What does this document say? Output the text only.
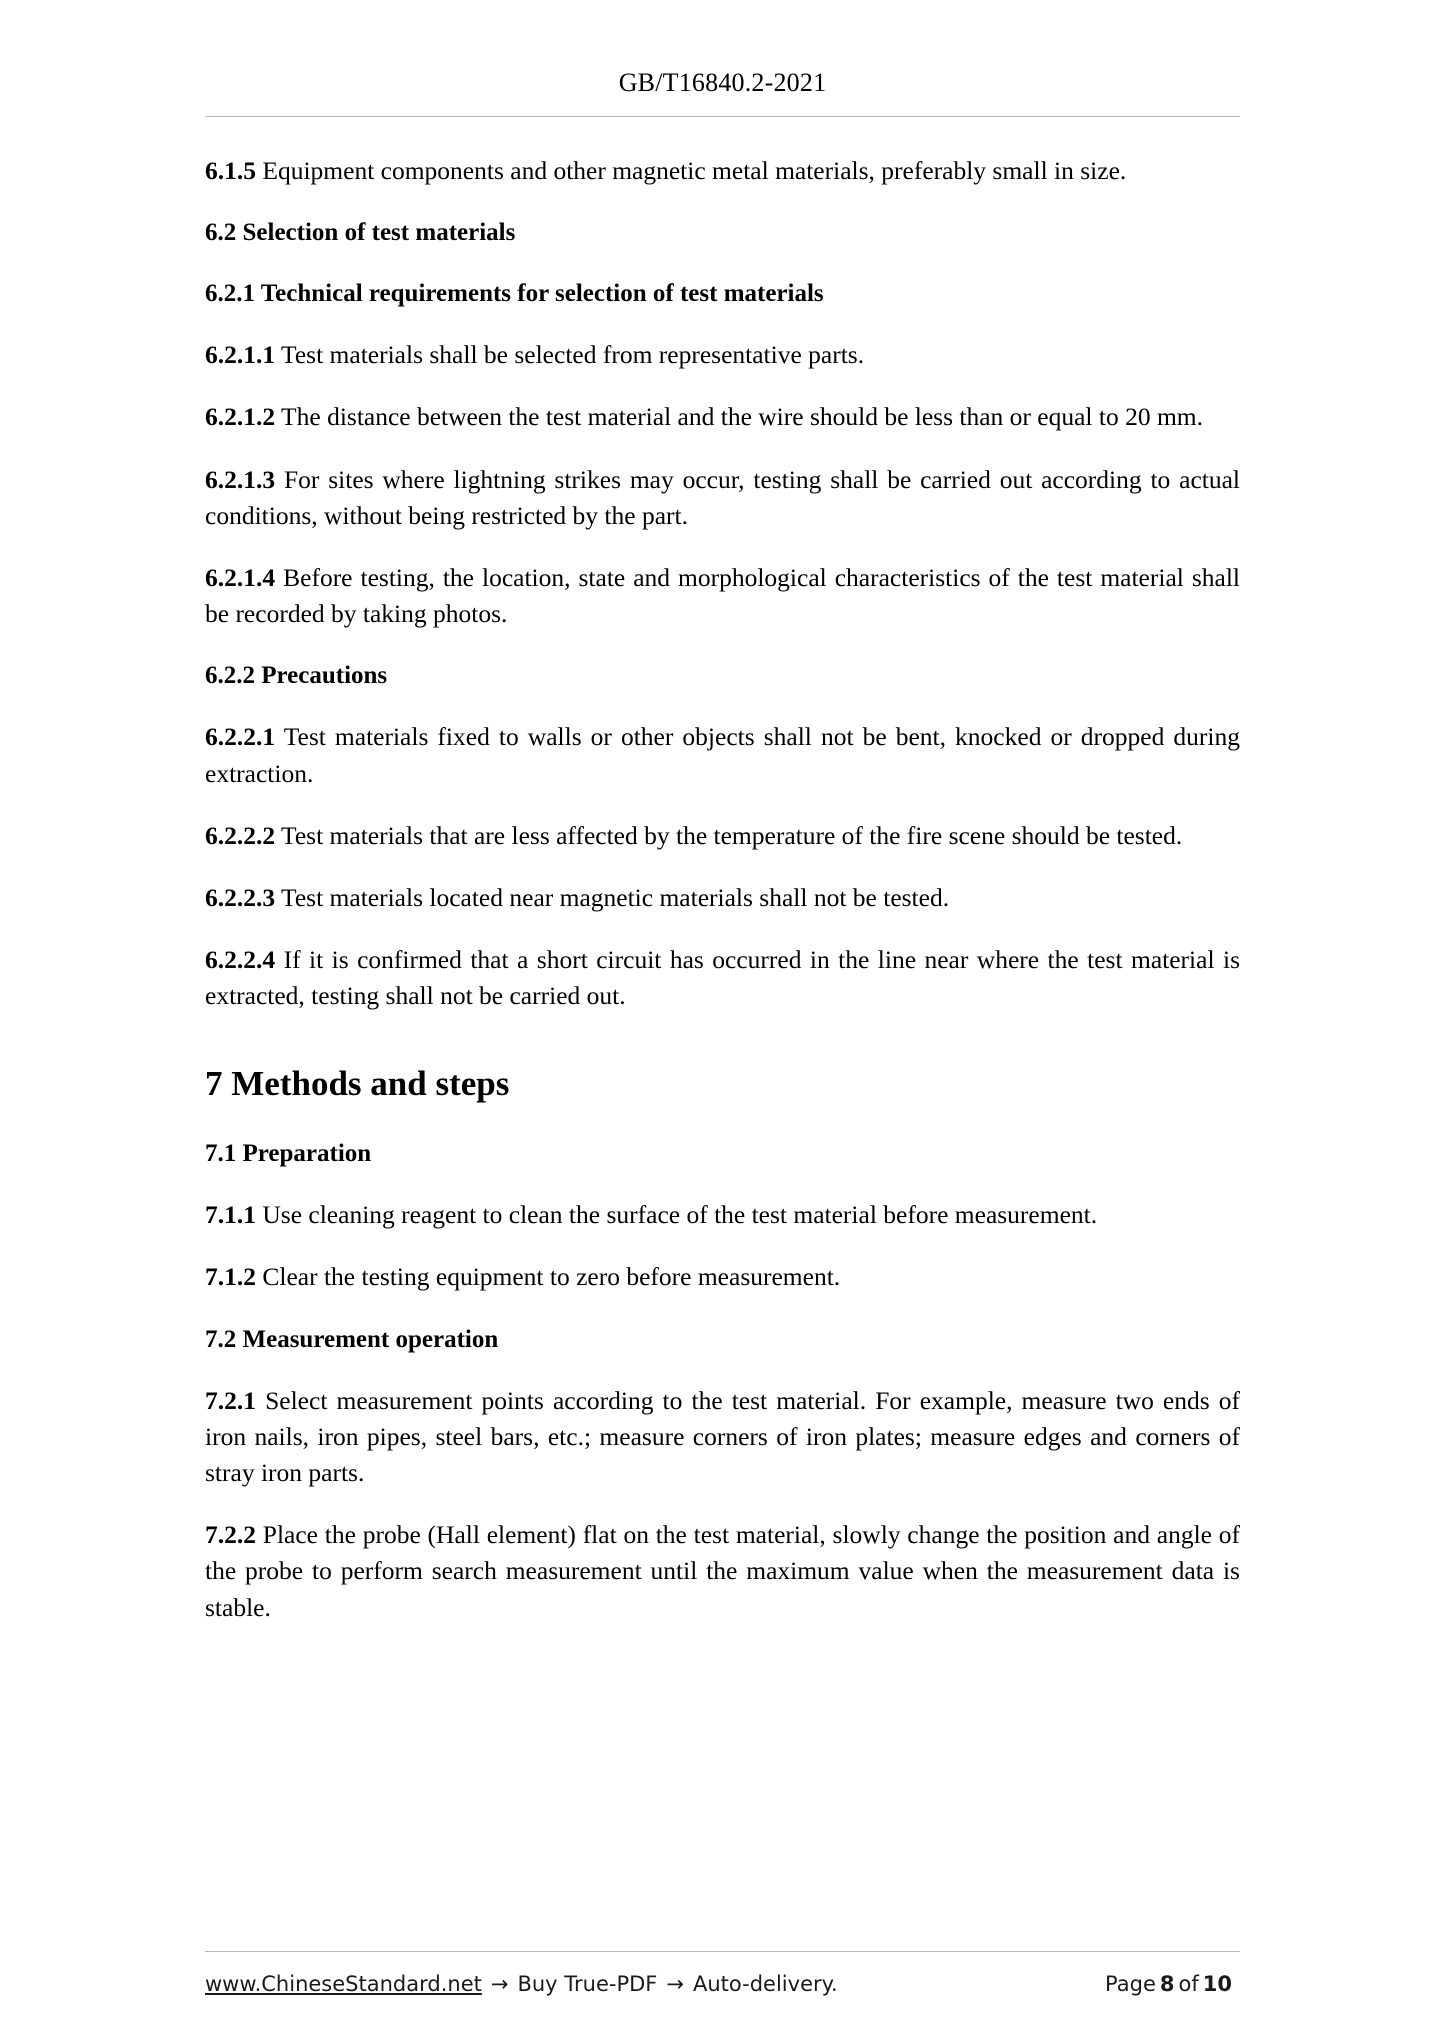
GB/T16840.2-2021

6.1.5 Equipment components and other magnetic metal materials, preferably small in size.

6.2 Selection of test materials

6.2.1 Technical requirements for selection of test materials

6.2.1.1 Test materials shall be selected from representative parts.

6.2.1.2 The distance between the test material and the wire should be less than or equal to 20 mm.

6.2.1.3 For sites where lightning strikes may occur, testing shall be carried out according to actual conditions, without being restricted by the part.

6.2.1.4 Before testing, the location, state and morphological characteristics of the test material shall be recorded by taking photos.

6.2.2 Precautions

6.2.2.1 Test materials fixed to walls or other objects shall not be bent, knocked or dropped during extraction.

6.2.2.2 Test materials that are less affected by the temperature of the fire scene should be tested.

6.2.2.3 Test materials located near magnetic materials shall not be tested.

6.2.2.4 If it is confirmed that a short circuit has occurred in the line near where the test material is extracted, testing shall not be carried out.

7 Methods and steps

7.1 Preparation

7.1.1 Use cleaning reagent to clean the surface of the test material before measurement.

7.1.2 Clear the testing equipment to zero before measurement.

7.2 Measurement operation

7.2.1 Select measurement points according to the test material. For example, measure two ends of iron nails, iron pipes, steel bars, etc.; measure corners of iron plates; measure edges and corners of stray iron parts.

7.2.2 Place the probe (Hall element) flat on the test material, slowly change the position and angle of the probe to perform search measurement until the maximum value when the measurement data is stable.

www.ChineseStandard.net → Buy True-PDF → Auto-delivery.	Page 8 of 10
